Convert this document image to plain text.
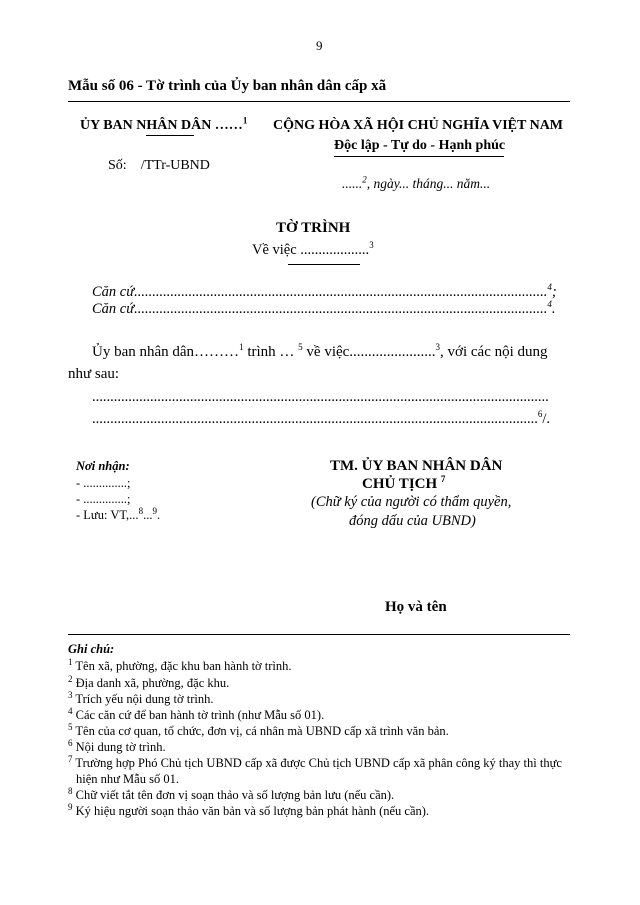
9
Mẫu số 06 - Tờ trình của Ủy ban nhân dân cấp xã
ỦY BAN NHÂN DÂN ……$^1$
Số: /TTr-UBND
CỘNG HÒA XÃ HỘI CHỦ NGHĨA VIỆT NAM
Độc lập - Tự do - Hạnh phúc
......$^2$, ngày... tháng... năm...
TỜ TRÌNH
Về việc ...................$^3$
Căn cứ..................................................................................................................$^4$;
Căn cứ..................................................................................................................$^4$.
Ủy ban nhân dân………$^1$ trình … $^5$ về việc.......................$^3$, với các nội dung
như sau:
..............................................................................................................................
...........................................................................................................................$^6$/.
Nơi nhận:
- ..............;
- ..............;
- Lưu: VT,...$^8$...$^9$.
TM. ỦY BAN NHÂN DÂN
CHỦ TỊCH $^7$
(Chữ ký của người có thẩm quyền,
đóng dấu của UBND)
Họ và tên
Ghi chú:
$^1$ Tên xã, phường, đặc khu ban hành tờ trình.
$^2$ Địa danh xã, phường, đặc khu.
$^3$ Trích yếu nội dung tờ trình.
$^4$ Các căn cứ để ban hành tờ trình (như Mẫu số 01).
$^5$ Tên của cơ quan, tổ chức, đơn vị, cá nhân mà UBND cấp xã trình văn bản.
$^6$ Nội dung tờ trình.
$^7$ Trường hợp Phó Chủ tịch UBND cấp xã được Chủ tịch UBND cấp xã phân công ký thay thì thực
hiện như Mẫu số 01.
$^8$ Chữ viết tắt tên đơn vị soạn thảo và số lượng bản lưu (nếu cần).
$^9$ Ký hiệu người soạn thảo văn bản và số lượng bản phát hành (nếu cần).
